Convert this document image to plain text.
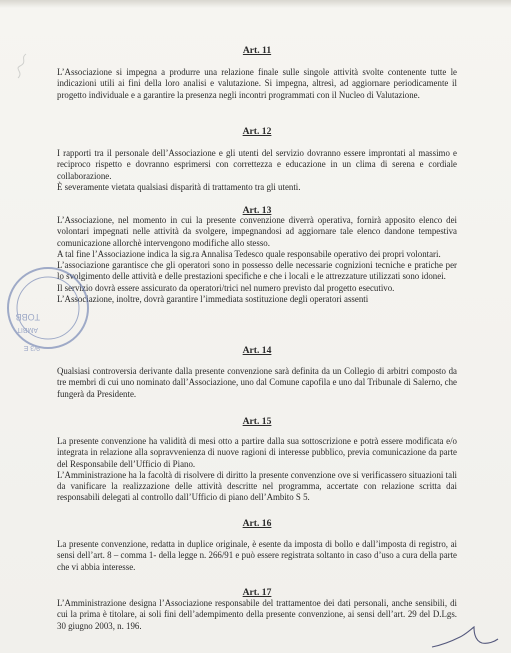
Art. 11

L’Associazione si impegna a produrre una relazione finale sulle singole attività svolte contenente tutte le indicazioni utili ai fini della loro analisi e valutazione. Si impegna, altresì, ad aggiornare periodicamente il progetto individuale e a garantire la presenza negli incontri programmati con il Nucleo di Valutazione.

Art. 12

I rapporti tra il personale dell’Associazione e gli utenti del servizio dovranno essere improntati al massimo e reciproco rispetto e dovranno esprimersi con correttezza e educazione in un clima di serena e cordiale collaborazione.

È severamente vietata qualsiasi disparità di trattamento tra gli utenti.

Art. 13

L’Associazione, nel momento in cui la presente convenzione diverrà operativa, fornirà apposito elenco dei volontari impegnati nelle attività da svolgere, impegnandosi ad aggiornare tale elenco dandone tempestiva comunicazione allorchè intervengono modifiche allo stesso.

A tal fine l’Associazione indica la sig.ra Annalisa Tedesco quale responsabile operativo dei propri volontari.

L’associazione garantisce che gli operatori sono in possesso delle necessarie cognizioni tecniche e pratiche per lo svolgimento delle attività e delle prestazioni specifiche e che i locali e le attrezzature utilizzati sono idonei.

Il servizio dovrà essere assicurato da operatori/trici nel numero previsto dal progetto esecutivo.

L’Associazione, inoltre, dovrà garantire l’immediata sostituzione degli operatori assenti

Art. 14

Qualsiasi controversia derivante dalla presente convenzione sarà definita da un Collegio di arbitri composto da tre membri di cui uno nominato dall’Associazione, uno dal Comune capofila e uno dal Tribunale di Salerno, che fungerà da Presidente.

Art. 15

La presente convenzione ha validità di mesi otto a partire dalla sua sottoscrizione e potrà essere modificata e/o integrata in relazione alla sopravvenienza di nuove ragioni di interesse pubblico, previa comunicazione da parte del Responsabile dell’Ufficio di Piano.

L’Amministrazione ha la facoltà di risolvere di diritto la presente convenzione ove si verificassero situazioni tali da vanificare la realizzazione delle attività descritte nel programma, accertate con relazione scritta dai responsabili delegati al controllo dall’Ufficio di piano dell’Ambito S 5.

Art. 16

La presente convenzione, redatta in duplice originale, è esente da imposta di bollo e dall’imposta di registro, ai sensi dell’art. 8 – comma 1- della legge n. 266/91 e può essere registrata soltanto in caso d’uso a cura della parte che vi abbia interesse.

Art. 17

L’Amministrazione designa l’Associazione responsabile del trattamentoe dei dati personali, anche sensibili, di cui la prima è titolare, ai soli fini dell’adempimento della presente convenzione, ai sensi dell’art. 29 del D.Lgs. 30 giugno 2003, n. 196.

TOBB
AMBIT
9/3 E
